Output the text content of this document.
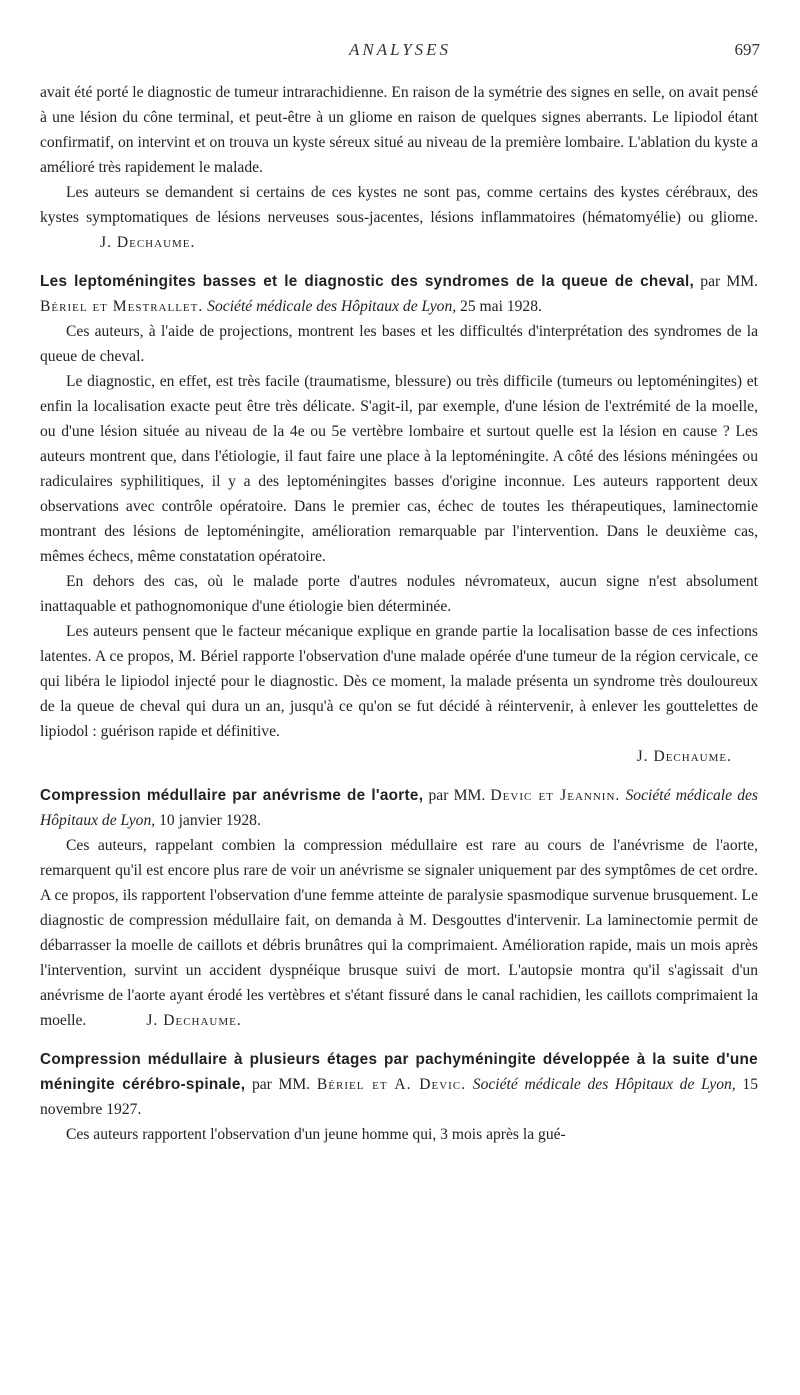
ANALYSES	697

avait été porté le diagnostic de tumeur intrarachidienne. En raison de la symétrie des signes en selle, on avait pensé à une lésion du cône terminal, et peut-être à un gliome en raison de quelques signes aberrants. Le lipiodol étant confirmatif, on intervint et on trouva un kyste séreux situé au niveau de la première lombaire. L'ablation du kyste a amélioré très rapidement le malade.

Les auteurs se demandent si certains de ces kystes ne sont pas, comme certains des kystes cérébraux, des kystes symptomatiques de lésions nerveuses sous-jacentes, lésions inflammatoires (hématomyélie) ou gliome.J. Dechaume.

Les leptoméningites basses et le diagnostic des syndromes de la queue de cheval, par MM. Bériel et Mestrallet. Société médicale des Hôpitaux de Lyon, 25 mai 1928.

Ces auteurs, à l'aide de projections, montrent les bases et les difficultés d'interprétation des syndromes de la queue de cheval.

Le diagnostic, en effet, est très facile (traumatisme, blessure) ou très difficile (tumeurs ou leptoméningites) et enfin la localisation exacte peut être très délicate. S'agit-il, par exemple, d'une lésion de l'extrémité de la moelle, ou d'une lésion située au niveau de la 4e ou 5e vertèbre lombaire et surtout quelle est la lésion en cause ? Les auteurs montrent que, dans l'étiologie, il faut faire une place à la leptoméningite. A côté des lésions méningées ou radiculaires syphilitiques, il y a des leptoméningites basses d'origine inconnue. Les auteurs rapportent deux observations avec contrôle opératoire. Dans le premier cas, échec de toutes les thérapeutiques, laminectomie montrant des lésions de leptoméningite, amélioration remarquable par l'intervention. Dans le deuxième cas, mêmes échecs, même constatation opératoire.

En dehors des cas, où le malade porte d'autres nodules névromateux, aucun signe n'est absolument inattaquable et pathognomonique d'une étiologie bien déterminée.

Les auteurs pensent que le facteur mécanique explique en grande partie la localisation basse de ces infections latentes. A ce propos, M. Bériel rapporte l'observation d'une malade opérée d'une tumeur de la région cervicale, ce qui libéra le lipiodol injecté pour le diagnostic. Dès ce moment, la malade présenta un syndrome très douloureux de la queue de cheval qui dura un an, jusqu'à ce qu'on se fut décidé à réintervenir, à enlever les gouttelettes de lipiodol : guérison rapide et définitive.

J. Dechaume.

Compression médullaire par anévrisme de l'aorte, par MM. Devic et Jeannin. Société médicale des Hôpitaux de Lyon, 10 janvier 1928.

Ces auteurs, rappelant combien la compression médullaire est rare au cours de l'anévrisme de l'aorte, remarquent qu'il est encore plus rare de voir un anévrisme se signaler uniquement par des symptômes de cet ordre. A ce propos, ils rapportent l'observation d'une femme atteinte de paralysie spasmodique survenue brusquement. Le diagnostic de compression médullaire fait, on demanda à M. Desgouttes d'intervenir. La laminectomie permit de débarrasser la moelle de caillots et débris brunâtres qui la comprimaient. Amélioration rapide, mais un mois après l'intervention, survint un accident dyspnéique brusque suivi de mort. L'autopsie montra qu'il s'agissait d'un anévrisme de l'aorte ayant érodé les vertèbres et s'étant fissuré dans le canal rachidien, les caillots comprimaient la moelle.	J. Dechaume.

Compression médullaire à plusieurs étages par pachyméningite développée à la suite d'une méningite cérébro-spinale, par MM. Bériel et A. Devic. Société médicale des Hôpitaux de Lyon, 15 novembre 1927.

Ces auteurs rapportent l'observation d'un jeune homme qui, 3 mois après la gué-
